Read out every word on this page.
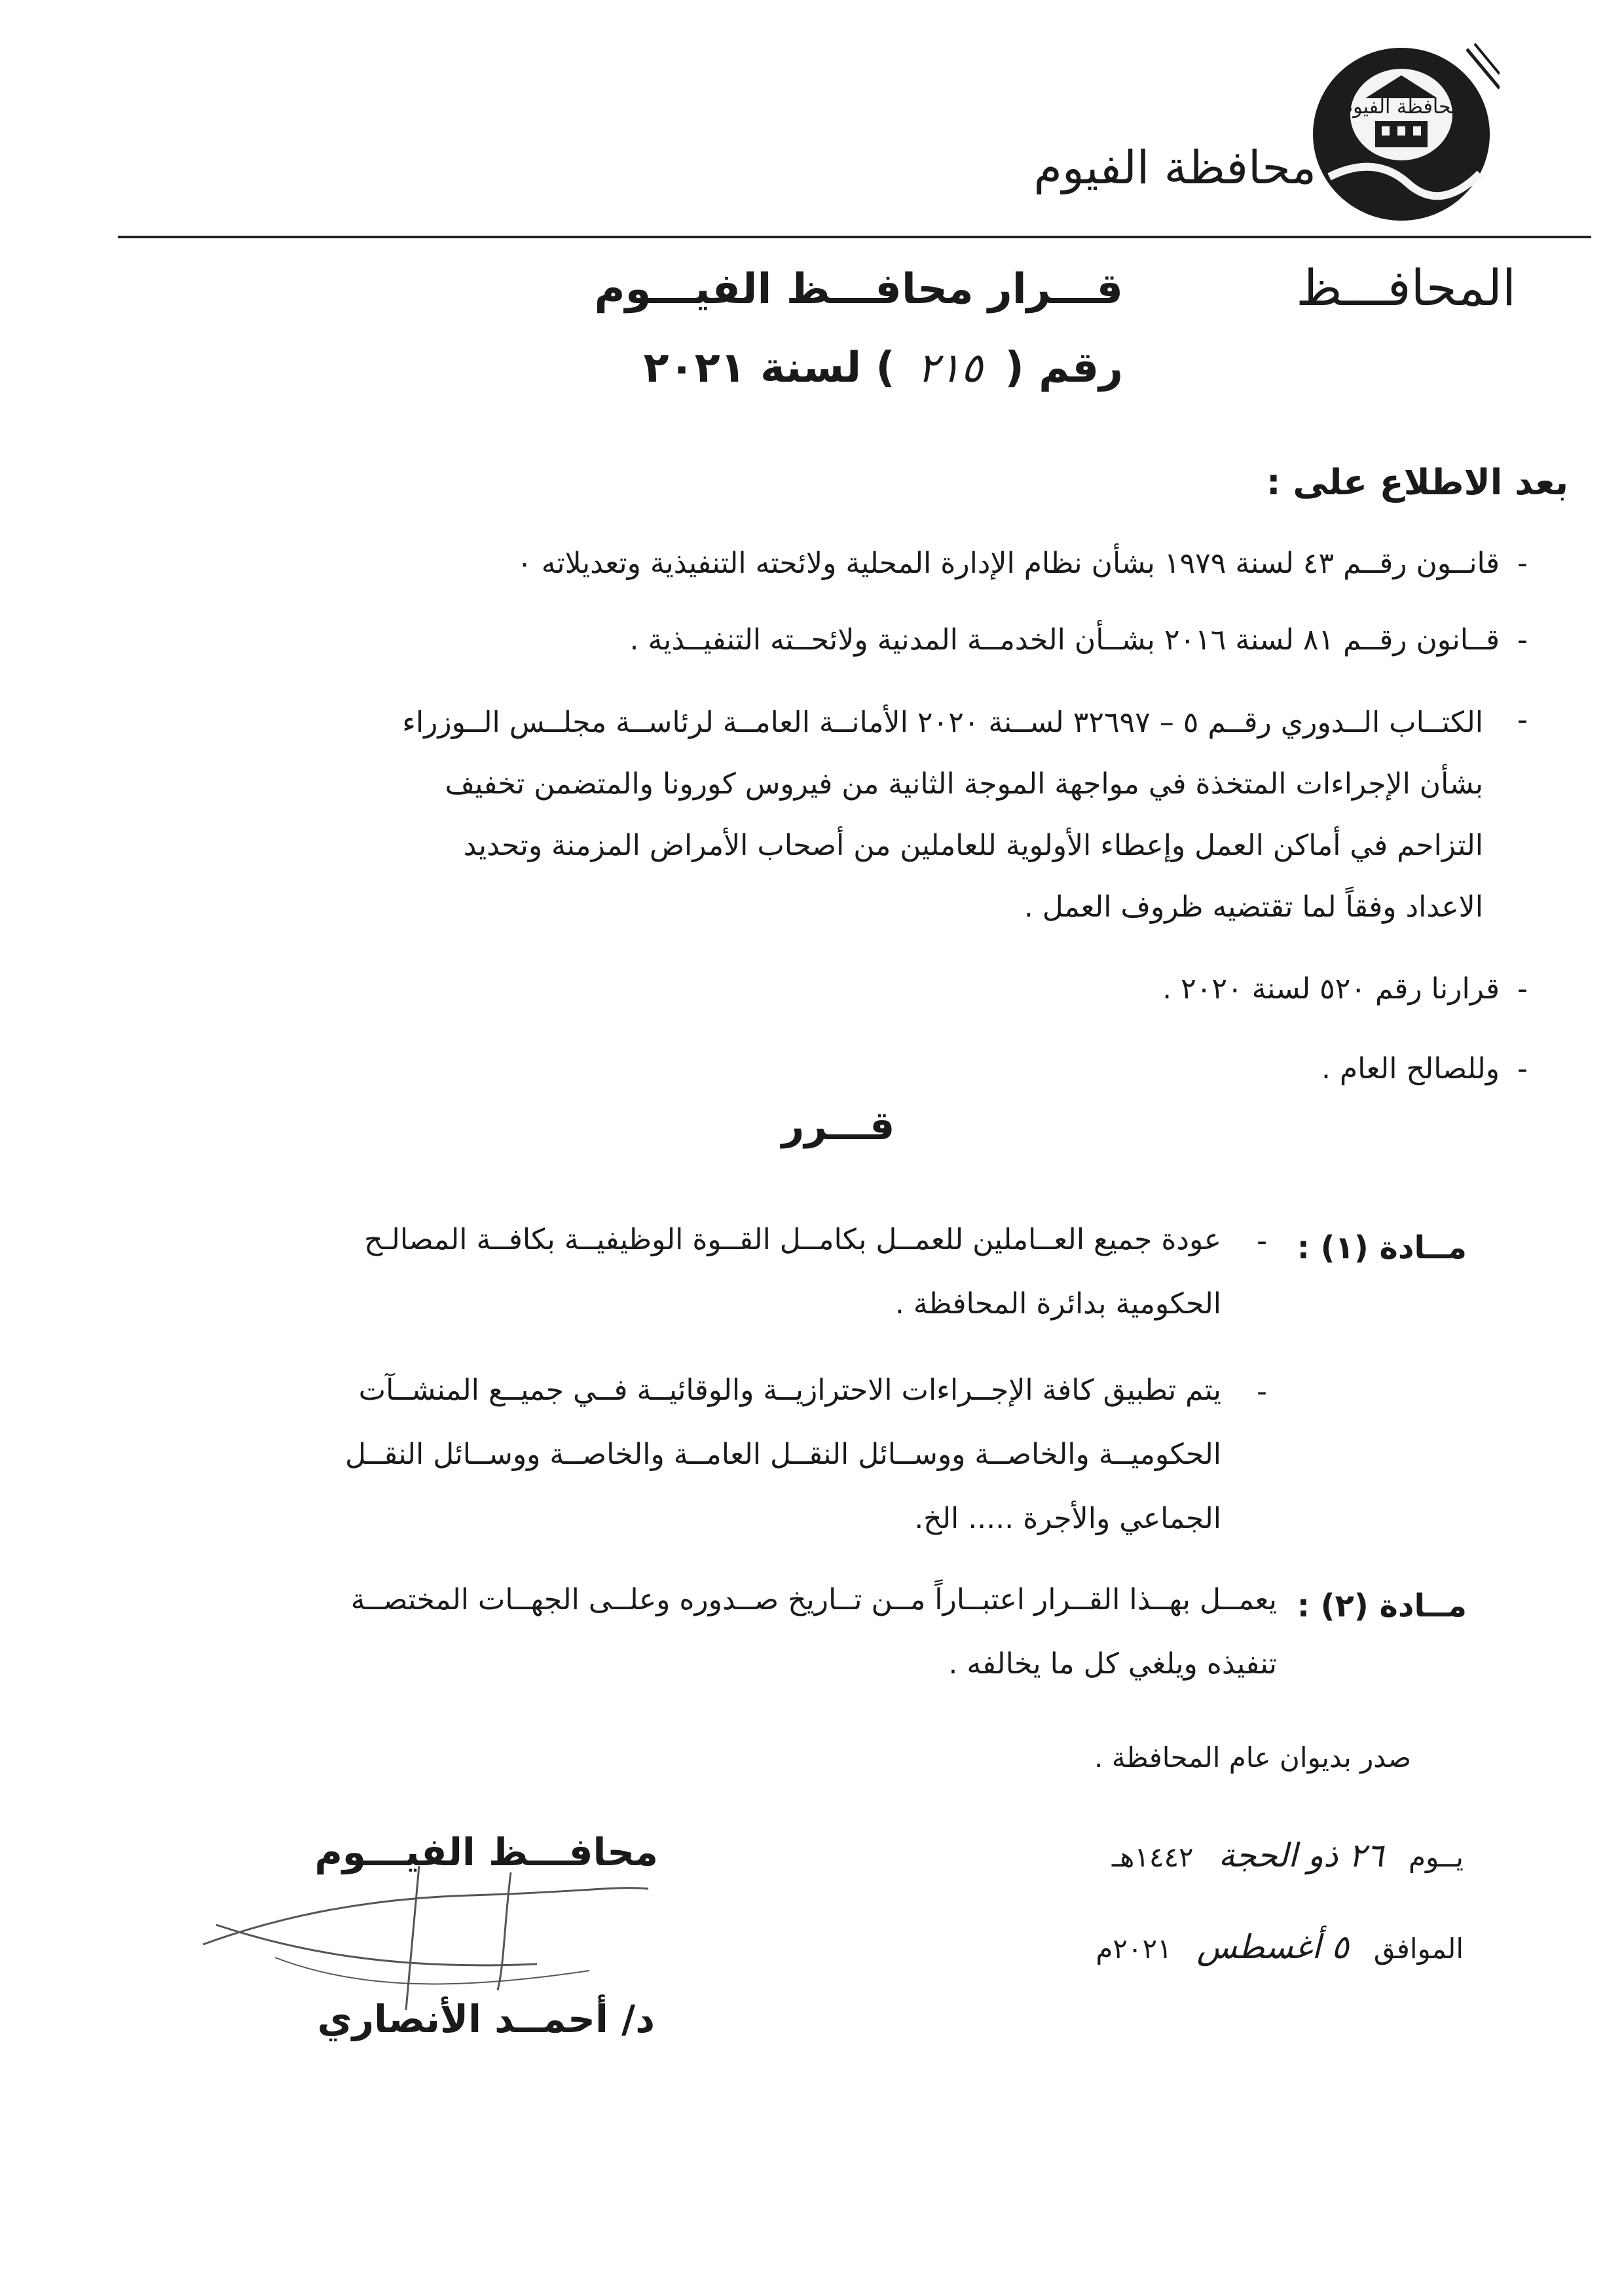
محافظة الفيوم
محافظة الفيوم
المحافـــظ
قـــرار محافـــظ الفيـــوم
رقم (٢١٥) لسنة ٢٠٢١
بعد الاطلاع على :
-قانــون رقــم ٤٣ لسنة ١٩٧٩ بشأن نظام الإدارة المحلية ولائحته التنفيذية وتعديلاته ٠
-قــانون رقــم ٨١ لسنة ٢٠١٦ بشــأن الخدمــة المدنية ولائحــته التنفيــذية .
-
الكتــاب الــدوري رقــم ٥ – ٣٢٦٩٧ لســنة ٢٠٢٠ الأمانــة العامــة لرئاســة مجلــس الــوزراء
بشأن الإجراءات المتخذة في مواجهة الموجة الثانية من فيروس كورونا والمتضمن تخفيف
التزاحم في أماكن العمل وإعطاء الأولوية للعاملين من أصحاب الأمراض المزمنة وتحديد
الاعداد وفقاً لما تقتضيه ظروف العمل .
-قرارنا رقم ٥٢٠ لسنة ٢٠٢٠ .
-وللصالح العام .
قـــرر
مــادة (١) :
-
عودة جميع العــاملين للعمــل بكامــل القــوة الوظيفيــة بكافــة المصالـح
الحكومية بدائرة المحافظة .
-
يتم تطبيق كافة الإجــراءات الاحترازيــة والوقائيــة فــي جميــع المنشــآت
الحكوميــة والخاصــة ووســائل النقــل العامــة والخاصــة ووســائل النقــل
الجماعي والأجرة ..... الخ.
مــادة (٢) :
يعمــل بهــذا القــرار اعتبــاراً مــن تــاريخ صــدوره وعلــى الجهــات المختصــة
تنفيذه ويلغي كل ما يخالفه .
صدر بديوان عام المحافظة .
يــوم٢٦ ذو الحجة١٤٤٢هـ
الموافق٥ أغسطس٢٠٢١م
محافـــظ الفيـــوم
د/ أحمــد الأنصاري
